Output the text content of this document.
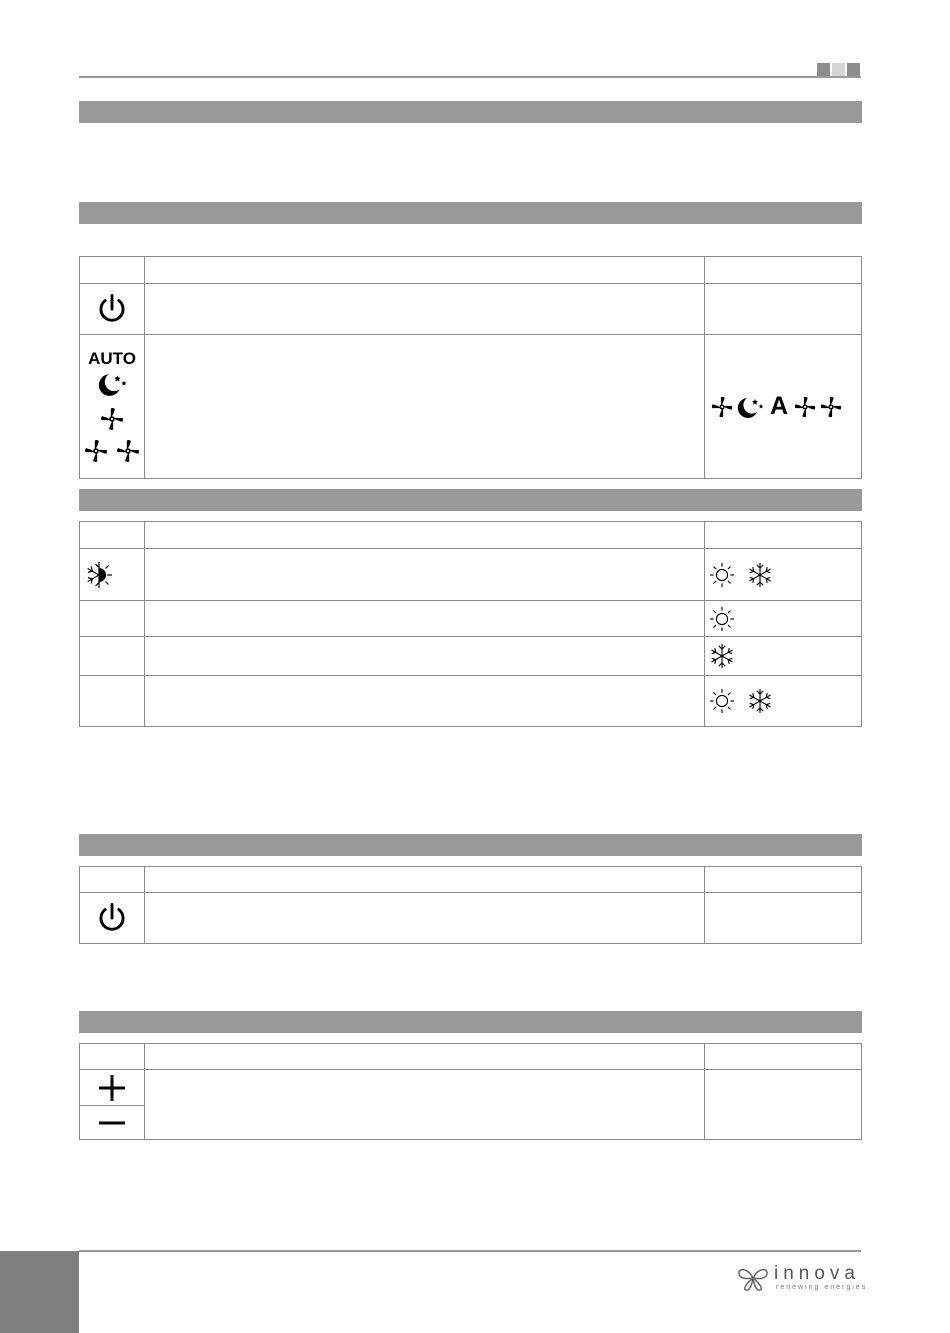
AUTO		A

innova
renewing energies
